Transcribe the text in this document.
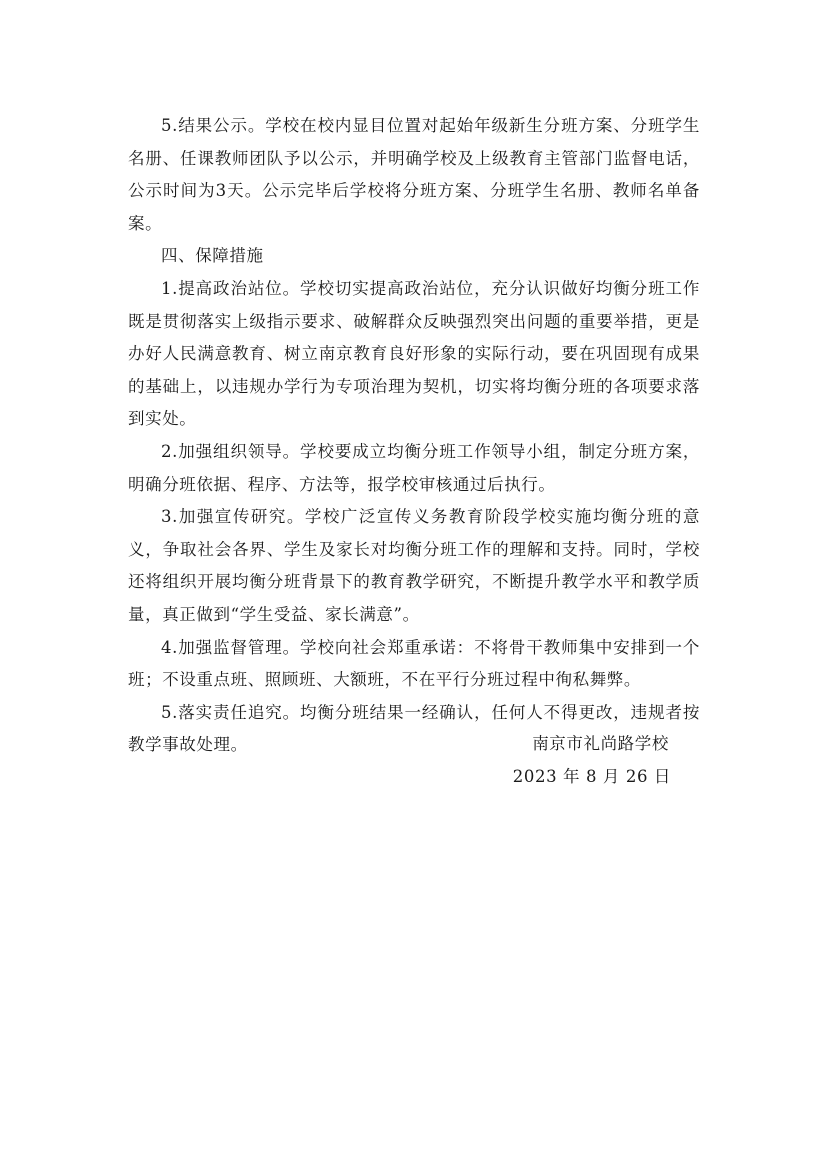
5.结果公示。学校在校内显目位置对起始年级新生分班方案、分班学生名册、任课教师团队予以公示，并明确学校及上级教育主管部门监督电话，公示时间为3天。公示完毕后学校将分班方案、分班学生名册、教师名单备案。

四、保障措施

1.提高政治站位。学校切实提高政治站位，充分认识做好均衡分班工作既是贯彻落实上级指示要求、破解群众反映强烈突出问题的重要举措，更是办好人民满意教育、树立南京教育良好形象的实际行动，要在巩固现有成果的基础上，以违规办学行为专项治理为契机，切实将均衡分班的各项要求落到实处。

2.加强组织领导。学校要成立均衡分班工作领导小组，制定分班方案，明确分班依据、程序、方法等，报学校审核通过后执行。

3.加强宣传研究。学校广泛宣传义务教育阶段学校实施均衡分班的意义，争取社会各界、学生及家长对均衡分班工作的理解和支持。同时，学校还将组织开展均衡分班背景下的教育教学研究，不断提升教学水平和教学质量，真正做到“学生受益、家长满意”。

4.加强监督管理。学校向社会郑重承诺：不将骨干教师集中安排到一个班；不设重点班、照顾班、大额班，不在平行分班过程中徇私舞弊。

5.落实责任追究。均衡分班结果一经确认，任何人不得更改，违规者按教学事故处理。	南京市礼尚路学校

2023 年 8 月 26 日
